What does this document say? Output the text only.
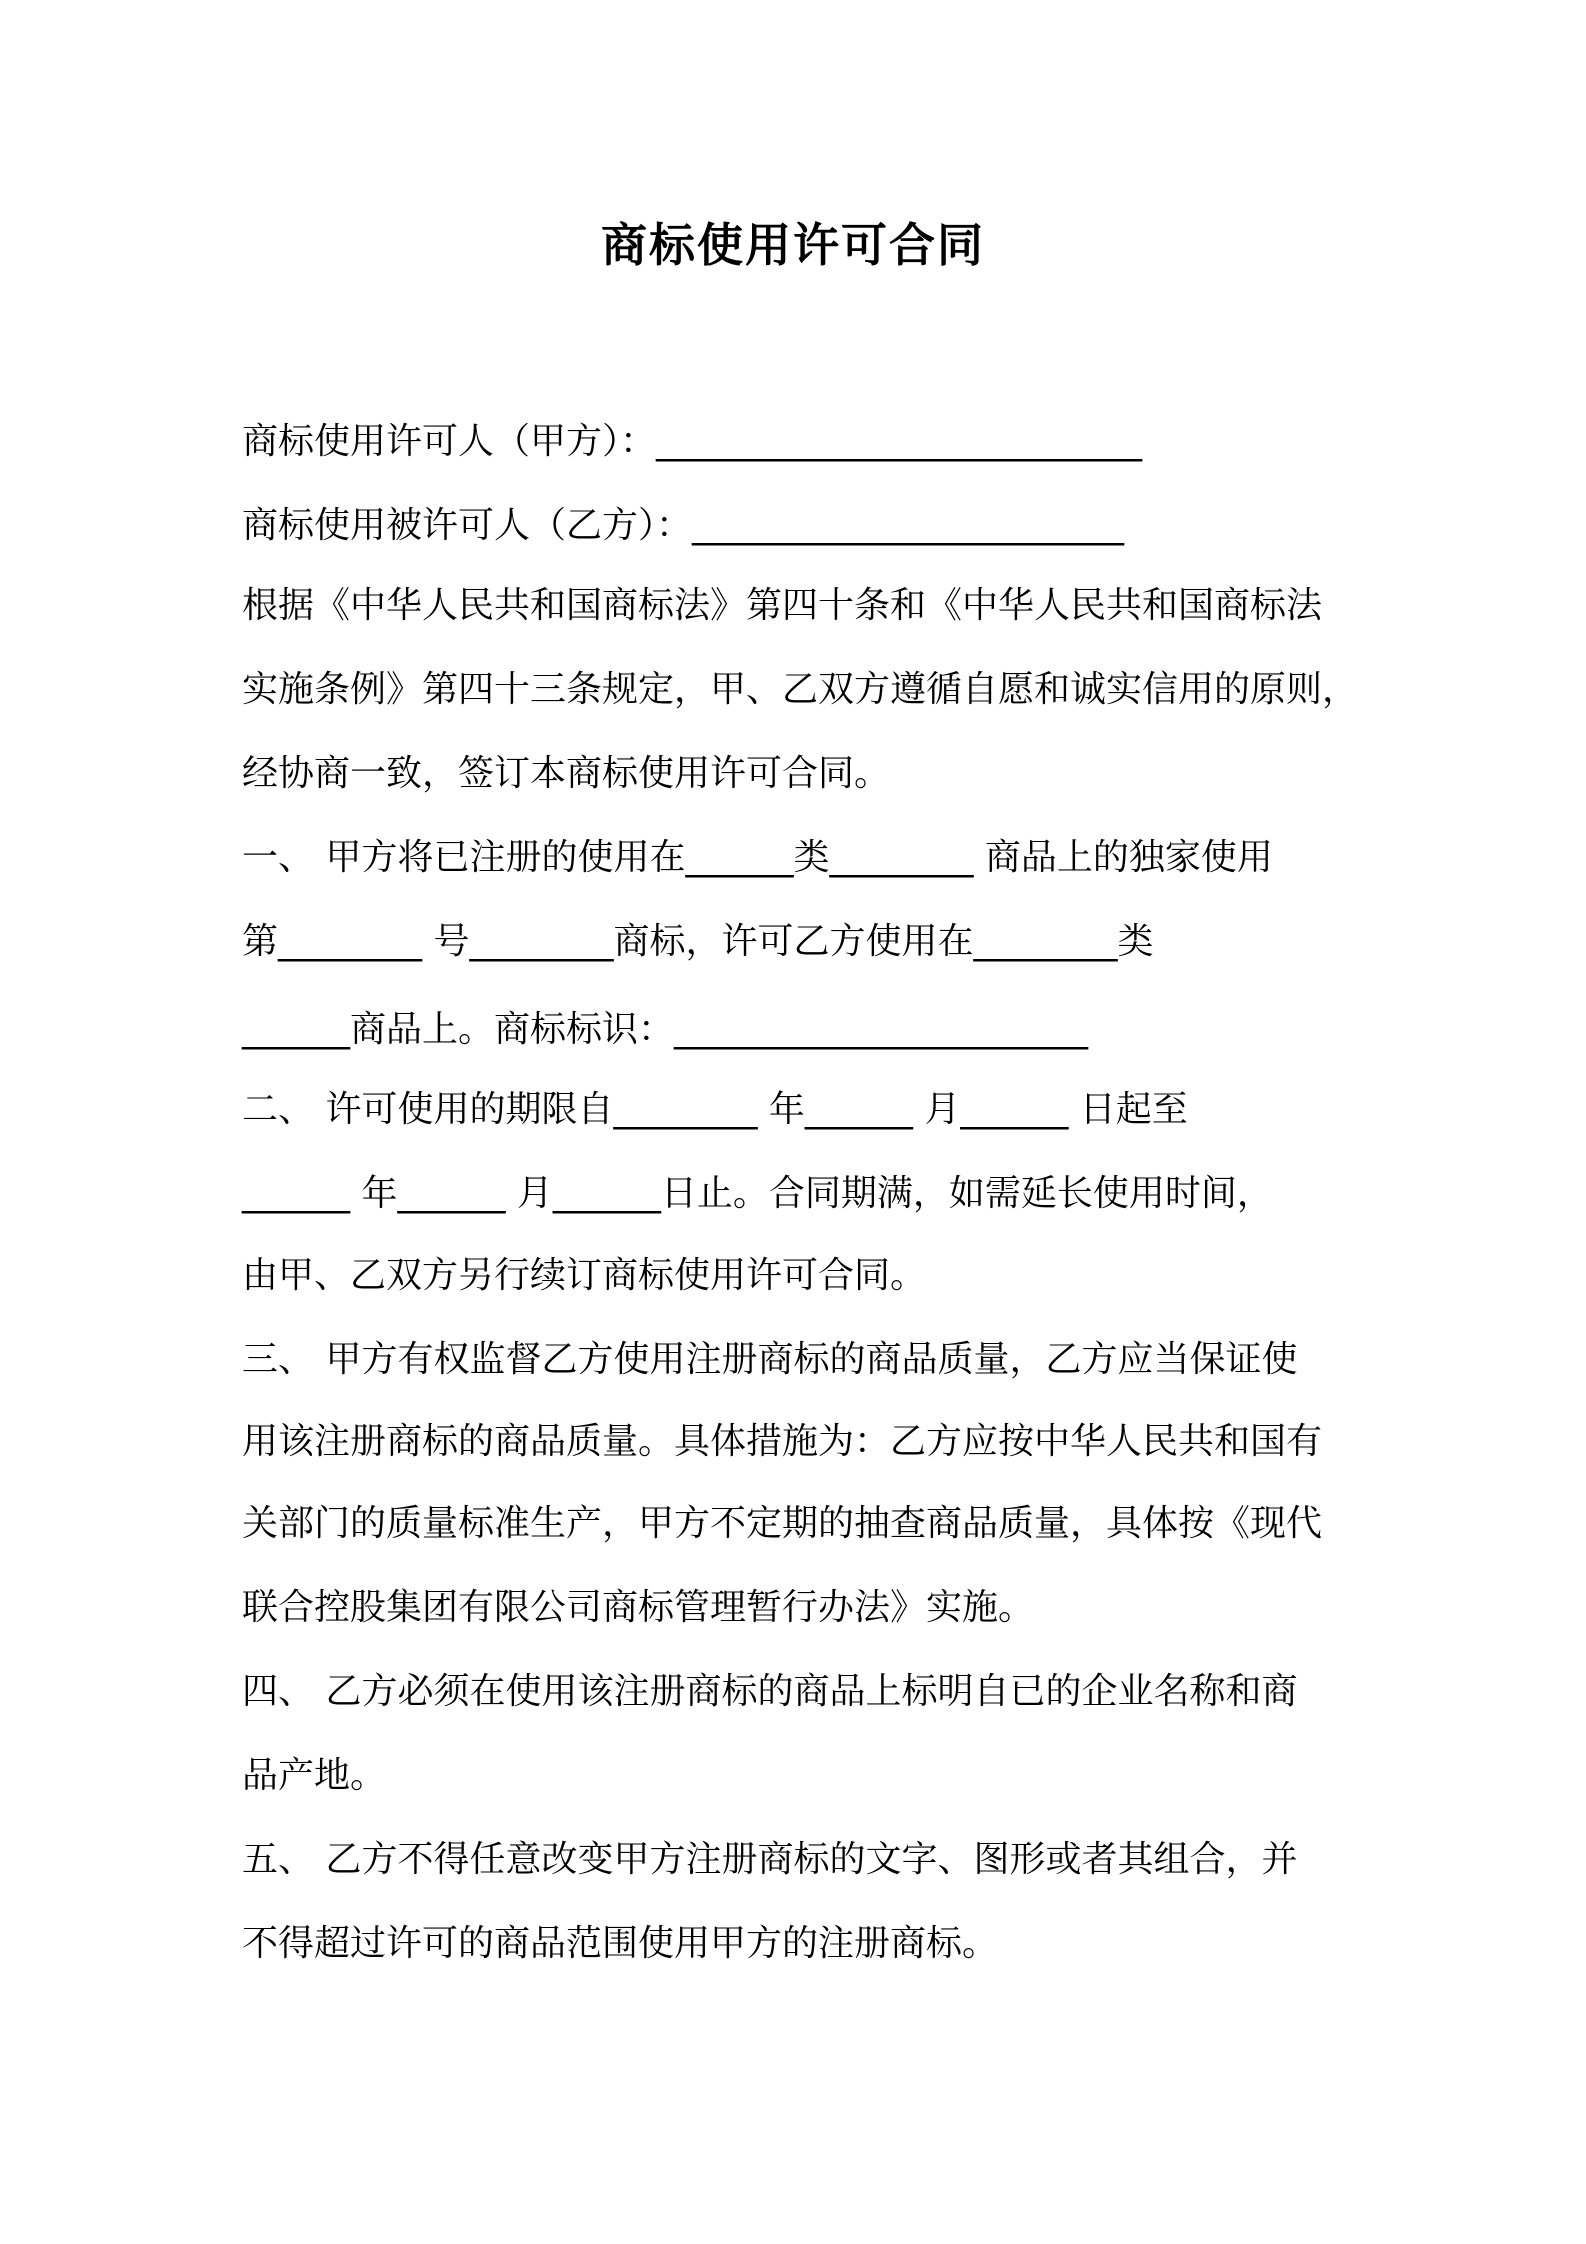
商标使用许可合同
商标使用许可人（甲方）：___________________________
商标使用被许可人（乙方）：________________________
根据《中华人民共和国商标法》第四十条和《中华人民共和国商标法
实施条例》第四十三条规定，甲、乙双方遵循自愿和诚实信用的原则，
经协商一致，签订本商标使用许可合同。
一、 甲方将已注册的使用在______类________ 商品上的独家使用
第________ 号________商标，许可乙方使用在________类
______商品上。商标标识：_______________________
二、 许可使用的期限自________ 年______ 月______ 日起至
______ 年______ 月______日止。合同期满，如需延长使用时间，
由甲、乙双方另行续订商标使用许可合同。
三、 甲方有权监督乙方使用注册商标的商品质量，乙方应当保证使
用该注册商标的商品质量。具体措施为：乙方应按中华人民共和国有
关部门的质量标准生产，甲方不定期的抽查商品质量，具体按《现代
联合控股集团有限公司商标管理暂行办法》实施。
四、 乙方必须在使用该注册商标的商品上标明自已的企业名称和商
品产地。
五、 乙方不得任意改变甲方注册商标的文字、图形或者其组合，并
不得超过许可的商品范围使用甲方的注册商标。
